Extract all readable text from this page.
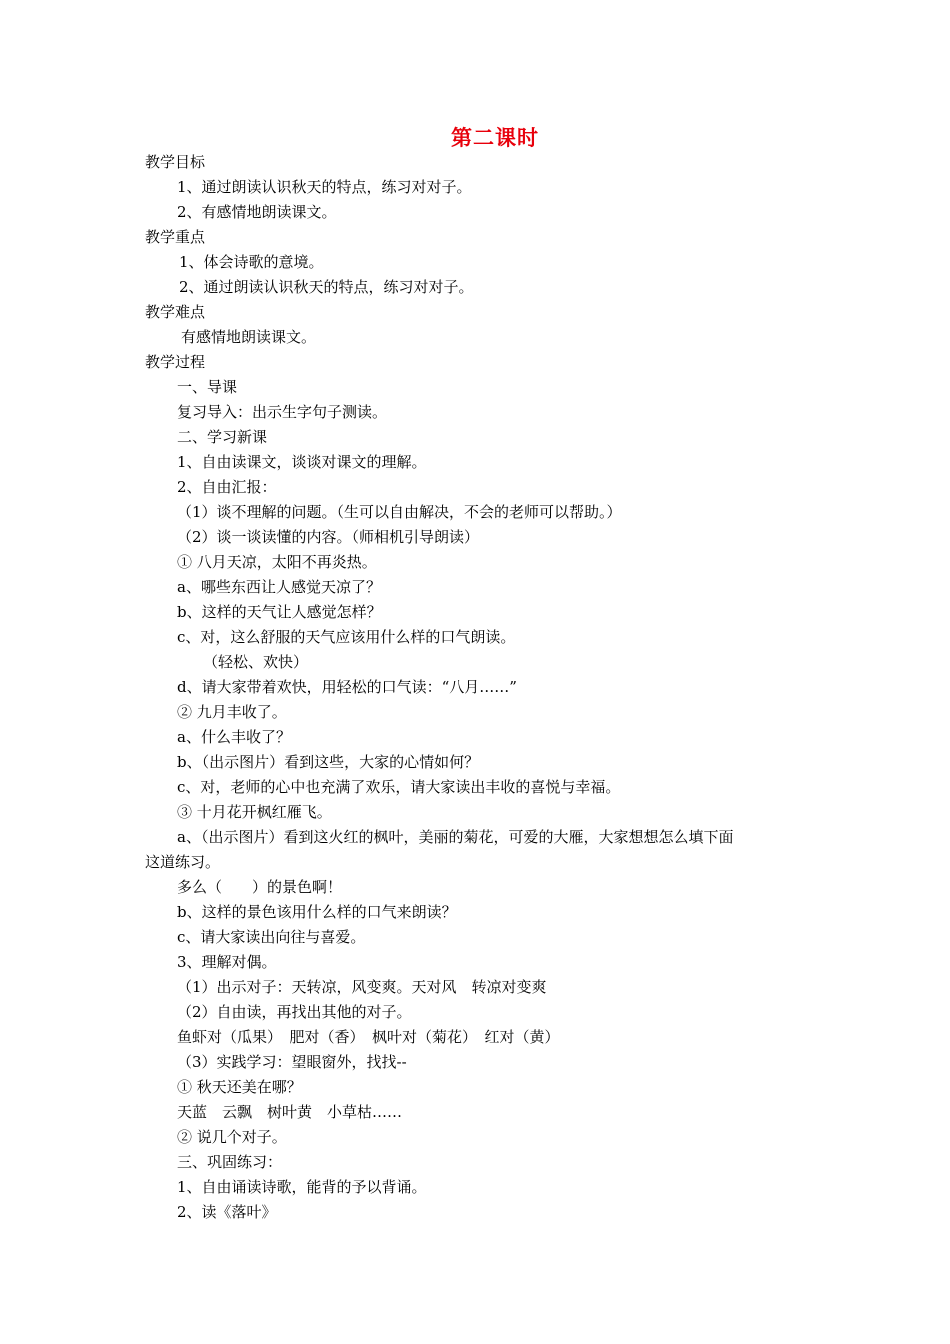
第二课时
教学目标
1、通过朗读认识秋天的特点，练习对对子。
2、有感情地朗读课文。
教学重点
1、体会诗歌的意境。
2、通过朗读认识秋天的特点，练习对对子。
教学难点
有感情地朗读课文。
教学过程
一、导课
复习导入：出示生字句子测读。
二、学习新课
1、自由读课文，谈谈对课文的理解。
2、自由汇报：
（1）谈不理解的问题。（生可以自由解决，不会的老师可以帮助。）
（2）谈一谈读懂的内容。（师相机引导朗读）
① 八月天凉，太阳不再炎热。
a、哪些东西让人感觉天凉了？
b、这样的天气让人感觉怎样？
c、对，这么舒服的天气应该用什么样的口气朗读。
（轻松、欢快）
d、请大家带着欢快，用轻松的口气读：“八月……”
② 九月丰收了。
a、什么丰收了？
b、（出示图片）看到这些，大家的心情如何？
c、对，老师的心中也充满了欢乐，请大家读出丰收的喜悦与幸福。
③ 十月花开枫红雁飞。
a、（出示图片）看到这火红的枫叶，美丽的菊花，可爱的大雁，大家想想怎么填下面
这道练习。
多么（　　）的景色啊！
b、这样的景色该用什么样的口气来朗读？
c、请大家读出向往与喜爱。
3、理解对偶。
（1）出示对子：天转凉，风变爽。天对风　转凉对变爽
（2）自由读，再找出其他的对子。
鱼虾对（瓜果）　肥对（香）　枫叶对（菊花）　红对（黄）
（3）实践学习：望眼窗外，找找--
① 秋天还美在哪？
天蓝　云飘　树叶黄　小草枯……
② 说几个对子。
三、巩固练习：
1、自由诵读诗歌，能背的予以背诵。
2、读《落叶》
